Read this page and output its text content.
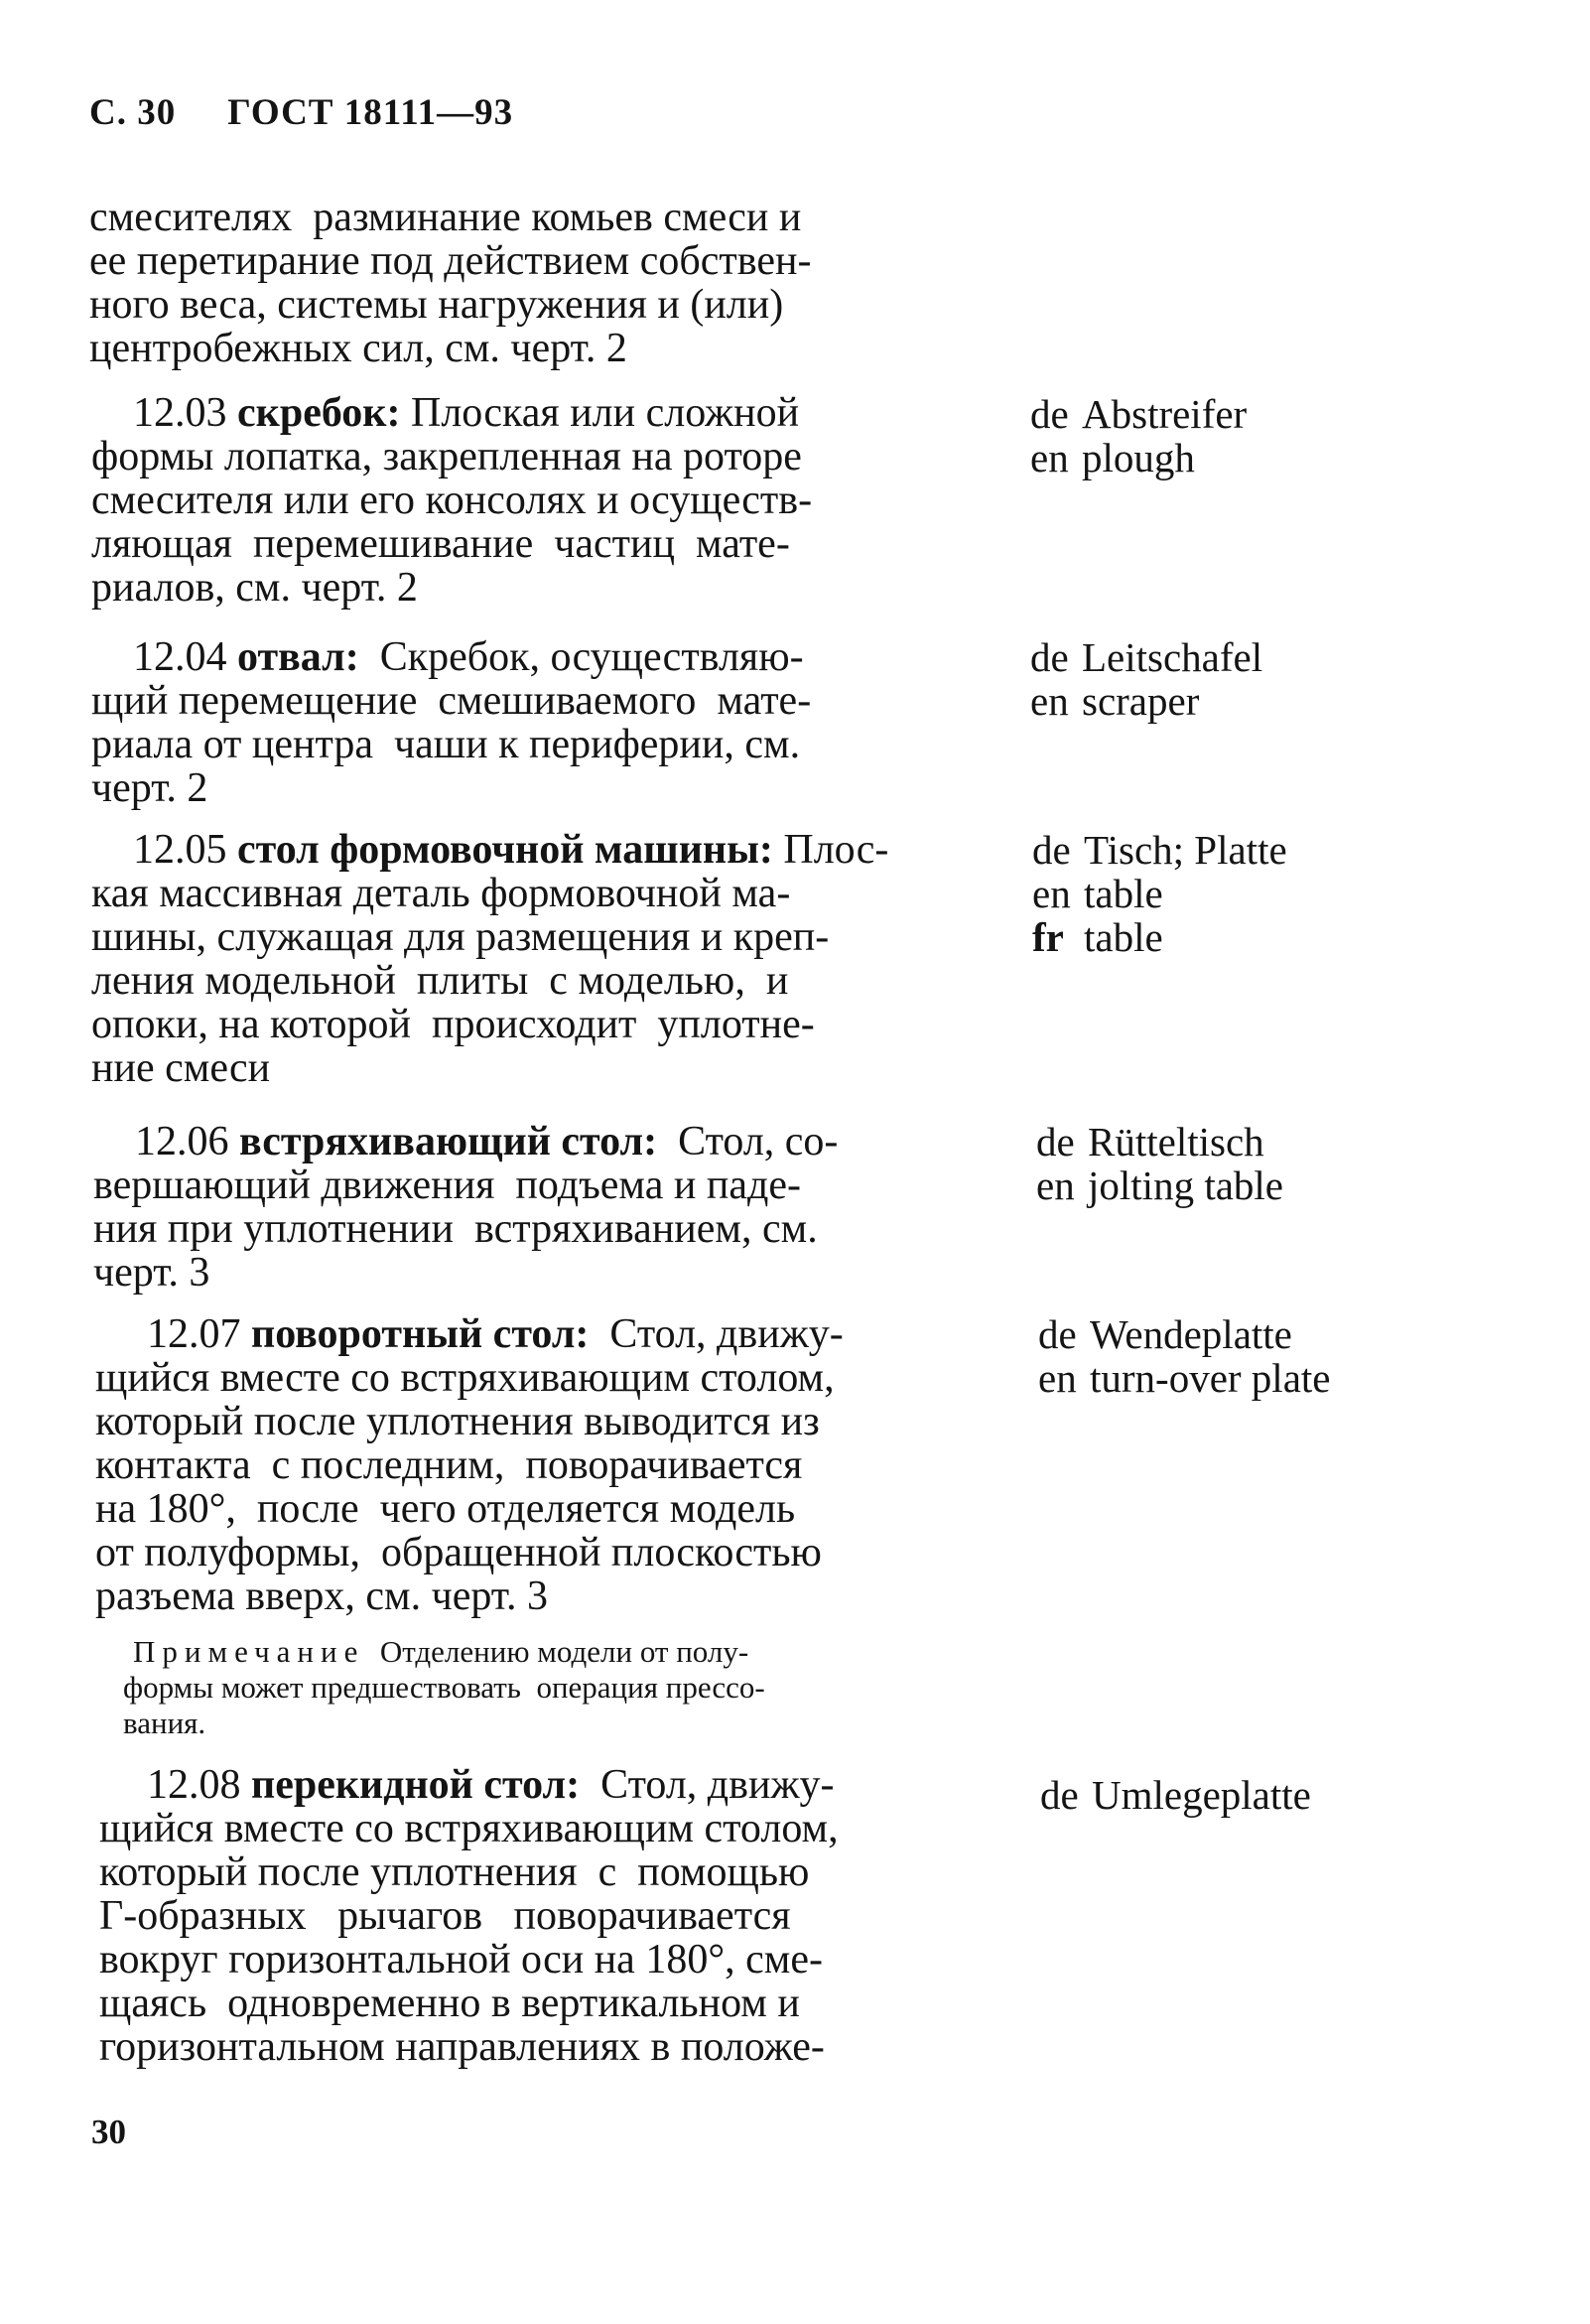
С. 30 ГОСТ 18111—93
смесителях  разминание комьев смеси и
ее перетирание под действием собствен-
ного веса, системы нагружения и (или)
центробежных сил, см. черт. 2
12.03 скребок: Плоская или сложной
формы лопатка, закрепленная на роторе
смесителя или его консолях и осуществ-
ляющая  перемешивание  частиц  мате-
риалов, см. черт. 2
de Abstreifer
en plough
12.04 отвал:  Скребок, осуществляю-
щий перемещение  смешиваемого  мате-
риала от центра  чаши к периферии, см.
черт. 2
de Leitschafel
en scraper
12.05 стол формовочной машины: Плос-
кая массивная деталь формовочной ма-
шины, служащая для размещения и креп-
ления модельной  плиты  с моделью,  и
опоки, на которой  происходит  уплотне-
ние смеси
de Tisch; Platte
en table
fr table
12.06 встряхивающий стол:  Стол, со-
вершающий движения  подъема и паде-
ния при уплотнении  встряхиванием, см.
черт. 3
de Rütteltisch
en jolting table
12.07 поворотный стол:  Стол, движу-
щийся вместе со встряхивающим столом,
который после уплотнения выводится из
контакта  с последним,  поворачивается
на 180°,  после  чего отделяется модель
от полуформы,  обращенной плоскостью
разъема вверх, см. черт. 3
de Wendeplatte
en turn-over plate
Примечание  Отделению модели от полу-
формы может предшествовать  операция прессо-
вания.
12.08 перекидной стол:  Стол, движу-
щийся вместе со встряхивающим столом,
который после уплотнения  с  помощью
Г-образных   рычагов   поворачивается
вокруг горизонтальной оси на 180°, сме-
щаясь  одновременно в вертикальном и
горизонтальном направлениях в положе-
de Umlegeplatte
30
